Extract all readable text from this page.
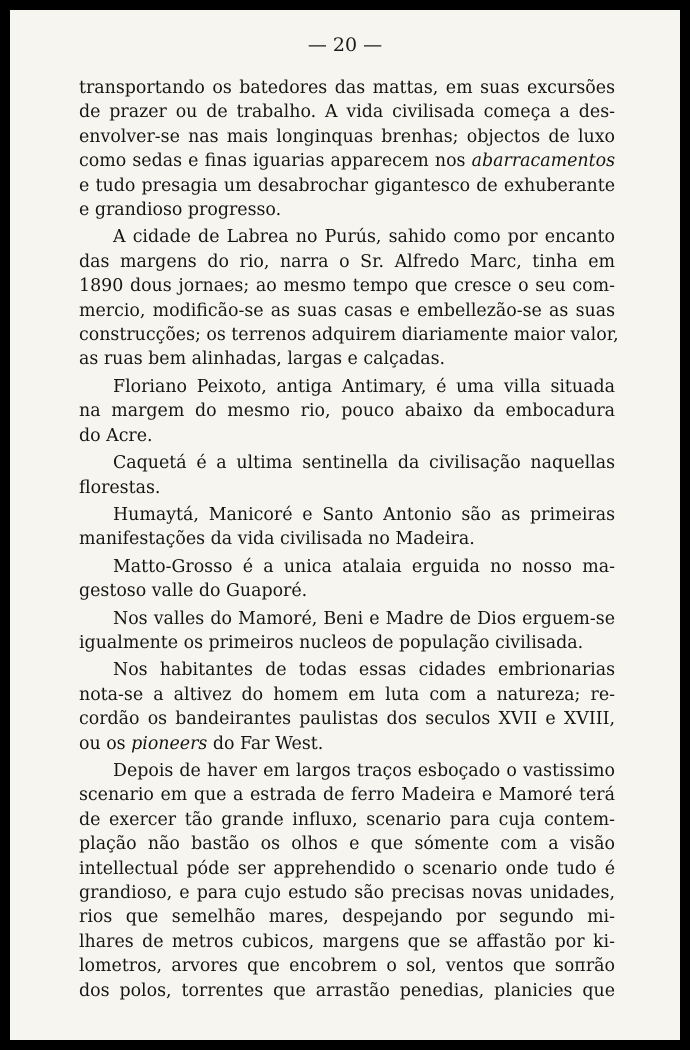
— 20 —
transportando os batedores das mattas, em suas excursões
de prazer ou de trabalho. A vida civilisada começa a des-
envolver-se nas mais longinquas brenhas; objectos de luxo
como sedas e finas iguarias apparecem nos abarracamentos
e tudo presagia um desabrochar gigantesco de exhuberante
e grandioso progresso.
A cidade de Labrea no Purús, sahido como por encanto
das margens do rio, narra o Sr. Alfredo Marc, tinha em
1890 dous jornaes; ao mesmo tempo que cresce o seu com-
mercio, modificão-se as suas casas e embellezão-se as suas
construcções; os terrenos adquirem diariamente maior valor,
as ruas bem alinhadas, largas e calçadas.
Floriano Peixoto, antiga Antimary, é uma villa situada
na margem do mesmo rio, pouco abaixo da embocadura
do Acre.
Caquetá é a ultima sentinella da civilisação naquellas
florestas.
Humaytá, Manicoré e Santo Antonio são as primeiras
manifestações da vida civilisada no Madeira.
Matto-Grosso é a unica atalaia erguida no nosso ma-
gestoso valle do Guaporé.
Nos valles do Mamoré, Beni e Madre de Dios erguem-se
igualmente os primeiros nucleos de população civilisada.
Nos habitantes de todas essas cidades embrionarias
nota-se a altivez do homem em luta com a natureza; re-
cordão os bandeirantes paulistas dos seculos XVII e XVIII,
ou os pioneers do Far West.
Depois de haver em largos traços esboçado o vastissimo
scenario em que a estrada de ferro Madeira e Mamoré terá
de exercer tão grande influxo, scenario para cuja contem-
plação não bastão os olhos e que sómente com a visão
intellectual póde ser apprehendido o scenario onde tudo é
grandioso, e para cujo estudo são precisas novas unidades,
rios que semelhão mares, despejando por segundo mi-
lhares de metros cubicos, margens que se affastão por ki-
lometros, arvores que encobrem o sol, ventos que sопrão
dos polos, torrentes que arrastão penedias, planicies que
